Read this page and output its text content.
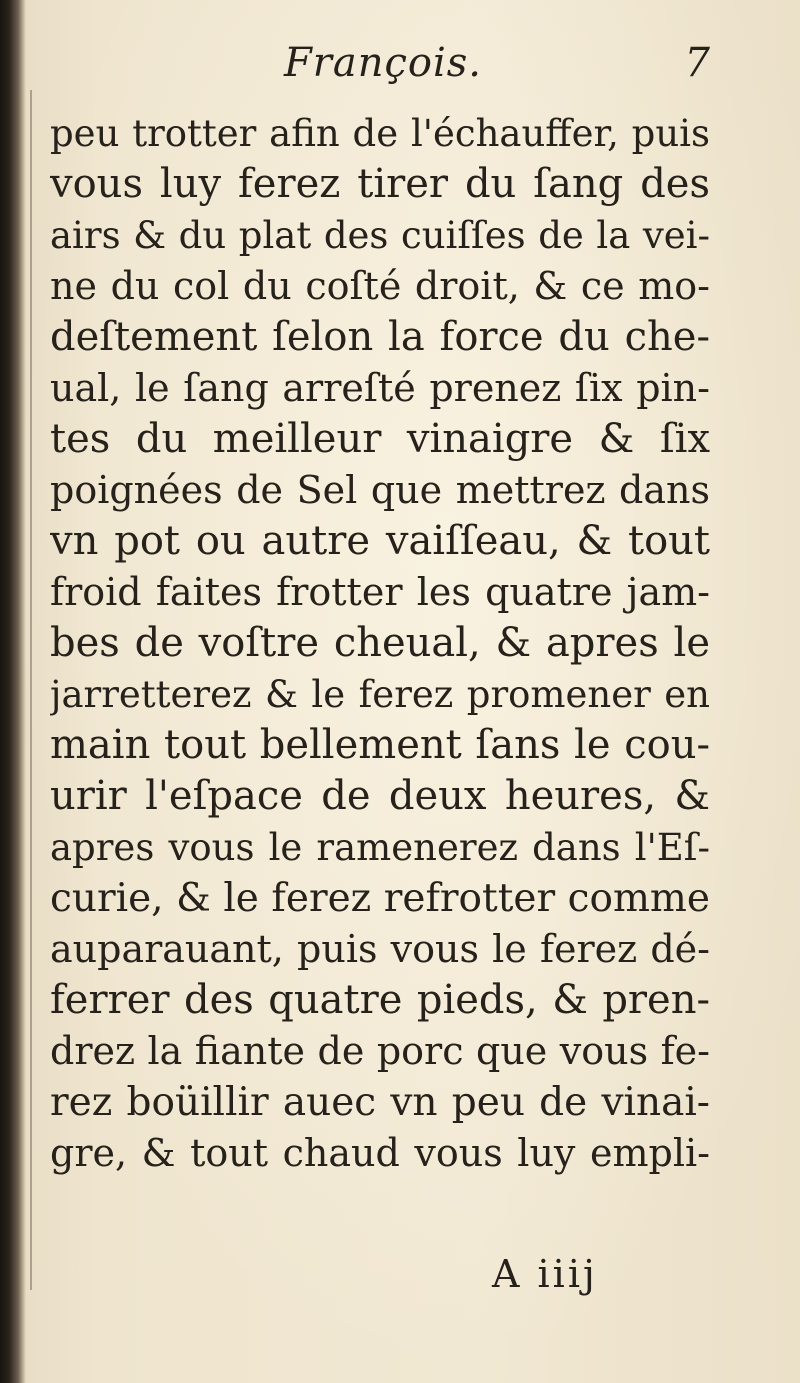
François.	7
peu trotter afin de l'échauffer, puis
vous luy ferez tirer du ſang des
airs & du plat des cuiſſes de la vei-
ne du col du coſté droit, & ce mo-
deſtement ſelon la force du che-
ual, le ſang arreſté prenez ſix pin-
tes du meilleur vinaigre & ſix
poignées de Sel que mettrez dans
vn pot ou autre vaiſſeau, & tout
froid faites frotter les quatre jam-
bes de voſtre cheual, & apres le
jarretterez & le ferez promener en
main tout bellement ſans le cou-
urir l'eſpace de deux heures, &
apres vous le ramenerez dans l'Eſ-
curie, & le ferez refrotter comme
auparauant, puis vous le ferez dé-
ferrer des quatre pieds, & pren-
drez la fiante de porc que vous fe-
rez boüillir auec vn peu de vinai-
gre, & tout chaud vous luy empli-
A iiij
